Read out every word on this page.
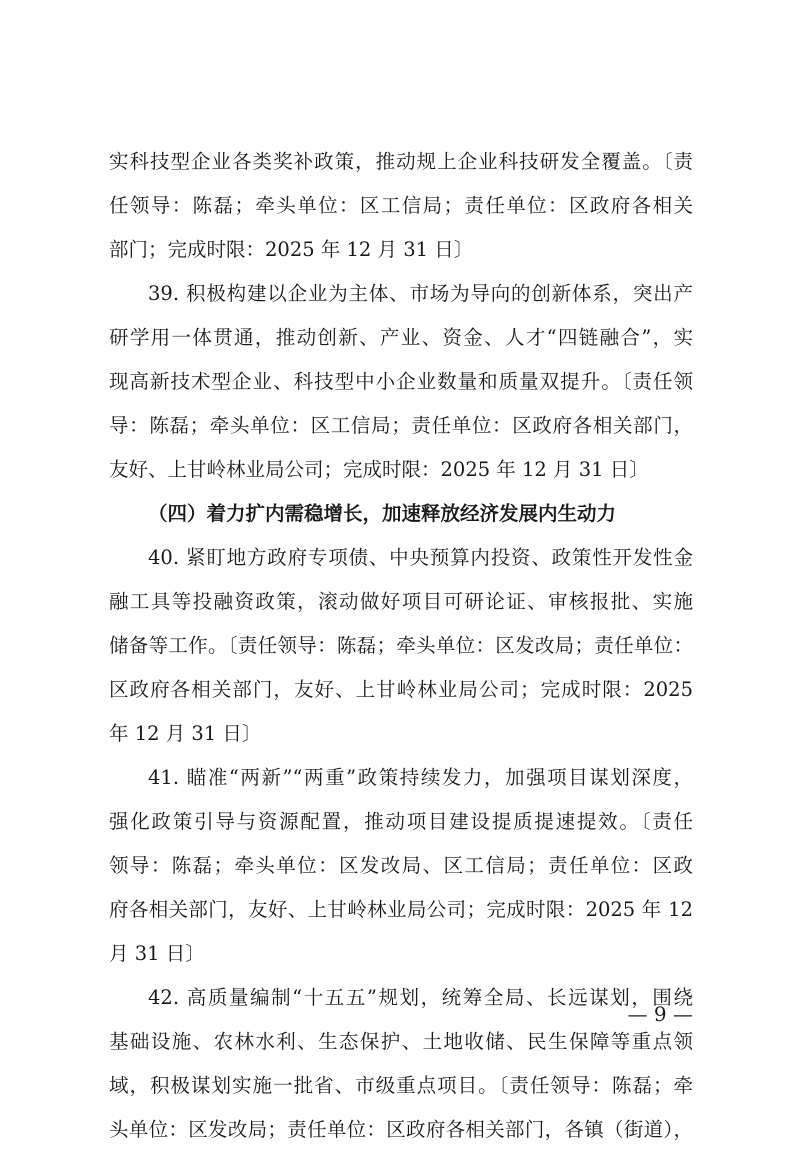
实科技型企业各类奖补政策，推动规上企业科技研发全覆盖。〔责
任领导：陈磊；牵头单位：区工信局；责任单位：区政府各相关
部门；完成时限：2025 年 12 月 31 日〕
39. 积极构建以企业为主体、市场为导向的创新体系，突出产
研学用一体贯通，推动创新、产业、资金、人才“四链融合”，实
现高新技术型企业、科技型中小企业数量和质量双提升。〔责任领
导：陈磊；牵头单位：区工信局；责任单位：区政府各相关部门，
友好、上甘岭林业局公司；完成时限：2025 年 12 月 31 日〕
（四）着力扩内需稳增长，加速释放经济发展内生动力
40. 紧盯地方政府专项债、中央预算内投资、政策性开发性金
融工具等投融资政策，滚动做好项目可研论证、审核报批、实施
储备等工作。〔责任领导：陈磊；牵头单位：区发改局；责任单位：
区政府各相关部门，友好、上甘岭林业局公司；完成时限：2025
年 12 月 31 日〕
41. 瞄准“两新”“两重”政策持续发力，加强项目谋划深度，
强化政策引导与资源配置，推动项目建设提质提速提效。〔责任
领导：陈磊；牵头单位：区发改局、区工信局；责任单位：区政
府各相关部门，友好、上甘岭林业局公司；完成时限：2025 年 12
月 31 日〕
42. 高质量编制“十五五”规划，统筹全局、长远谋划，围绕
基础设施、农林水利、生态保护、土地收储、民生保障等重点领
域，积极谋划实施一批省、市级重点项目。〔责任领导：陈磊；牵
头单位：区发改局；责任单位：区政府各相关部门，各镇（街道），
— 9 —
